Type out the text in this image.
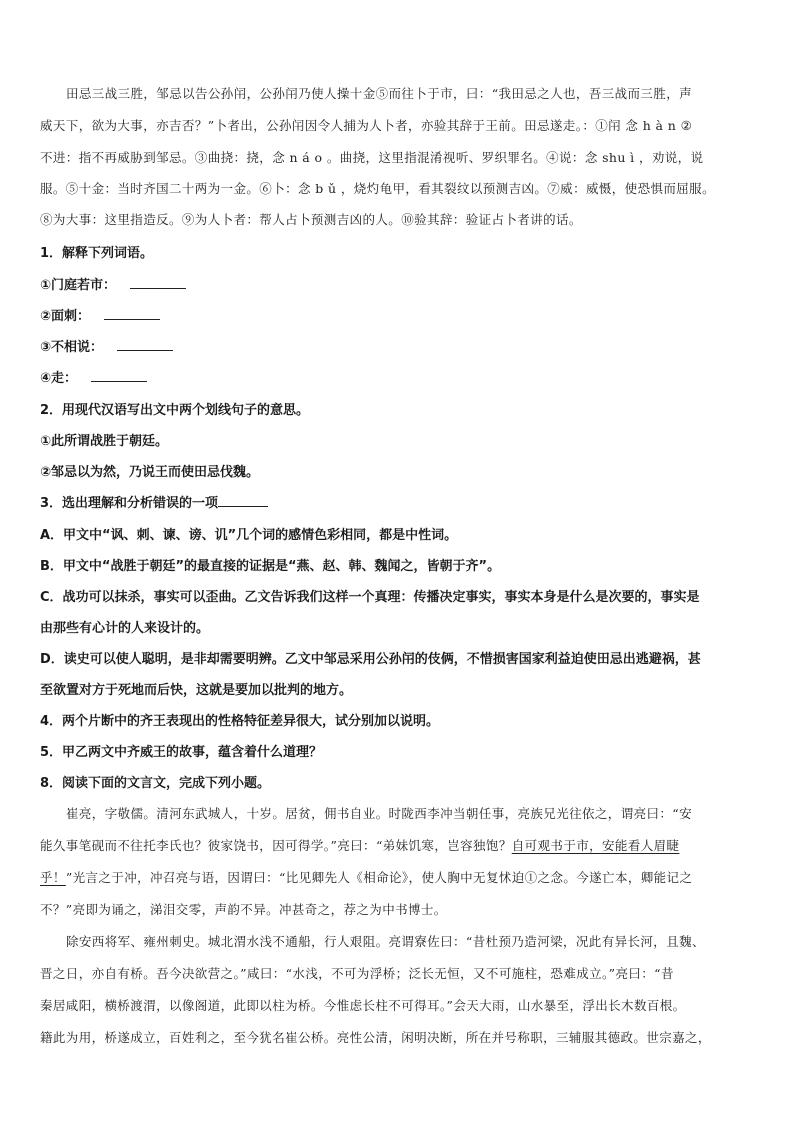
田忌三战三胜，邹忌以告公孙闬，公孙闬乃使人操十金⑤而往卜于市，曰：“我田忌之人也，吾三战而三胜，声
威天下，欲为大事，亦吉否？”卜者出，公孙闬因令人捕为人卜者，亦验其辞于王前。田忌遂走。：①闬 念 h à n ②
不进：指不再威胁到邹忌。③曲挠：挠，念 n á o 。曲挠，这里指混淆视听、罗织罪名。④说：念 shu ì ，劝说，说
服。⑤十金：当时齐国二十两为一金。⑥卜：念 b ǔ ，烧灼龟甲，看其裂纹以预测吉凶。⑦威：威慑，使恐惧而屈服。
⑧为大事：这里指造反。⑨为人卜者：帮人占卜预测吉凶的人。⑩验其辞：验证占卜者讲的话。
1．解释下列词语。
①门庭若市：
②面刺：
③不相说：
④走：
2．用现代汉语写出文中两个划线句子的意思。
①此所谓战胜于朝廷。
②邹忌以为然，乃说王而使田忌伐魏。
3．选出理解和分析错误的一项
A．甲文中“讽、刺、谏、谤、讥”几个词的感情色彩相同，都是中性词。
B．甲文中“战胜于朝廷”的最直接的证据是“燕、赵、韩、魏闻之，皆朝于齐”。
C．战功可以抹杀，事实可以歪曲。乙文告诉我们这样一个真理：传播决定事实，事实本身是什么是次要的，事实是
由那些有心计的人来设计的。
D．读史可以使人聪明，是非却需要明辨。乙文中邹忌采用公孙闬的伎俩，不惜损害国家利益迫使田忌出逃避祸，甚
至欲置对方于死地而后快，这就是要加以批判的地方。
4．两个片断中的齐王表现出的性格特征差异很大，试分别加以说明。
5．甲乙两文中齐威王的故事，蕴含着什么道理？
8．阅读下面的文言文，完成下列小题。
崔亮，字敬儒。清河东武城人，十岁。居贫，佣书自业。时陇西李冲当朝任事，亮族兄光往依之，谓亮曰：“安
能久事笔砚而不往托李氏也？彼家饶书，因可得学。”亮曰：“弟妹饥寒，岂容独饱？自可观书于市，安能看人眉睫
乎！”光言之于冲，冲召亮与语，因谓曰：“比见卿先人《相命论》，使人胸中无复怵迫①之念。今遂亡本，卿能记之
不？”亮即为诵之，涕泪交零，声韵不异。冲甚奇之，荐之为中书博士。
除安西将军、雍州刺史。城北渭水浅不通船，行人艰阻。亮谓寮佐曰：“昔杜预乃造河梁，况此有异长河，且魏、
晋之日，亦自有桥。吾今决欲营之。”咸曰：“水浅，不可为浮桥；泛长无恒，又不可施柱，恐难成立。”亮曰：“昔
秦居咸阳，横桥渡渭，以像阁道，此即以柱为桥。今惟虑长柱不可得耳。”会天大雨，山水暴至，浮出长木数百根。
籍此为用，桥遂成立，百姓利之，至今犹名崔公桥。亮性公清，闲明决断，所在并号称职，三辅服其德政。世宗嘉之，
